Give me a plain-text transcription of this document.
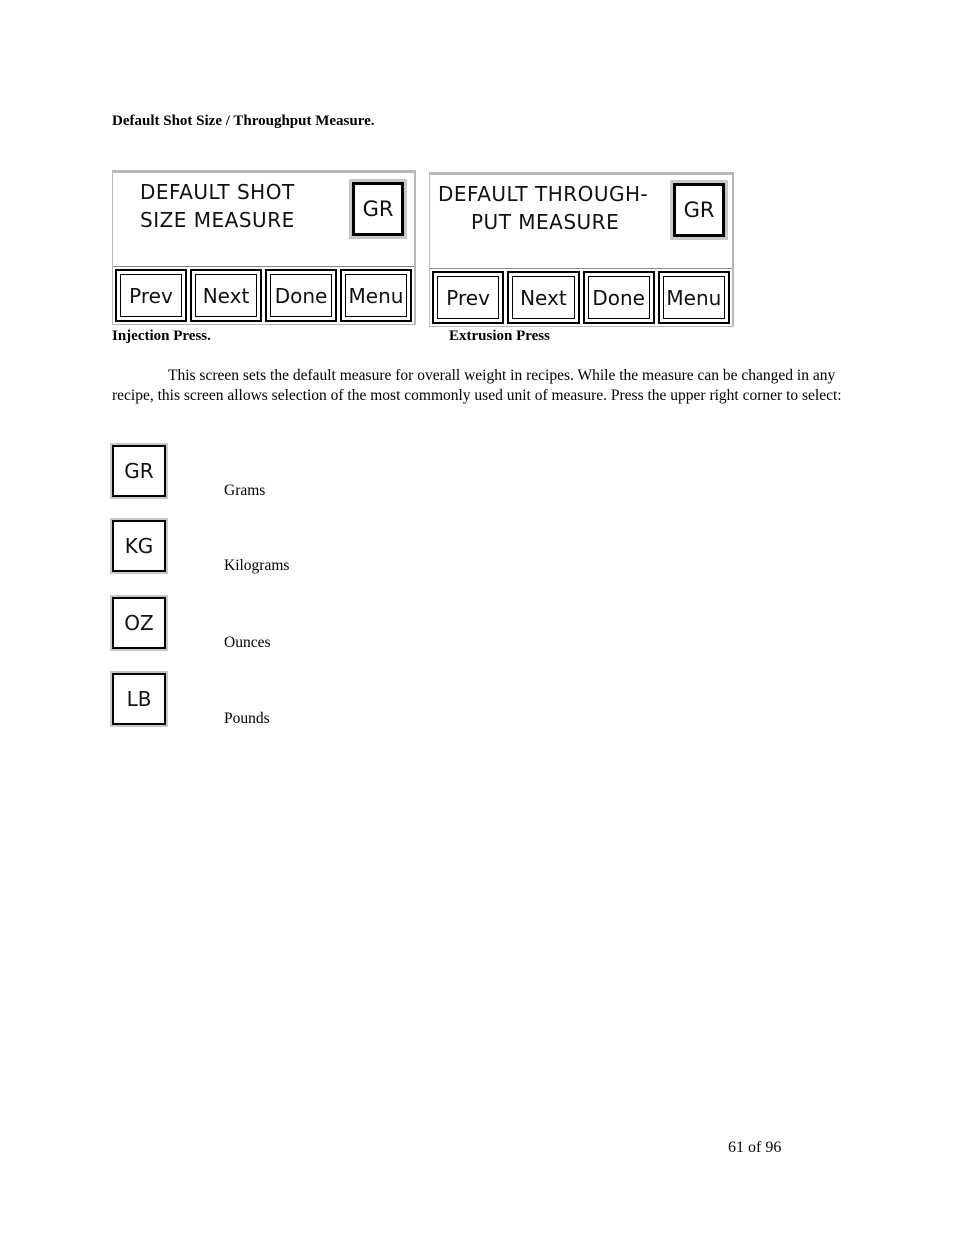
Default Shot Size / Throughput Measure.
DEFAULT SHOT
SIZE MEASURE	GR
Prev	Next	Done	Menu
Injection Press.
DEFAULT THROUGH-
PUT MEASURE	GR
Prev	Next	Done	Menu
Extrusion Press
This screen sets the default measure for overall weight in recipes. While the measure can be changed in any recipe, this screen allows selection of the most commonly used unit of measure. Press the upper right corner to select:
GR
Grams
KG
Kilograms
OZ
Ounces
LB
Pounds
61 of 96
